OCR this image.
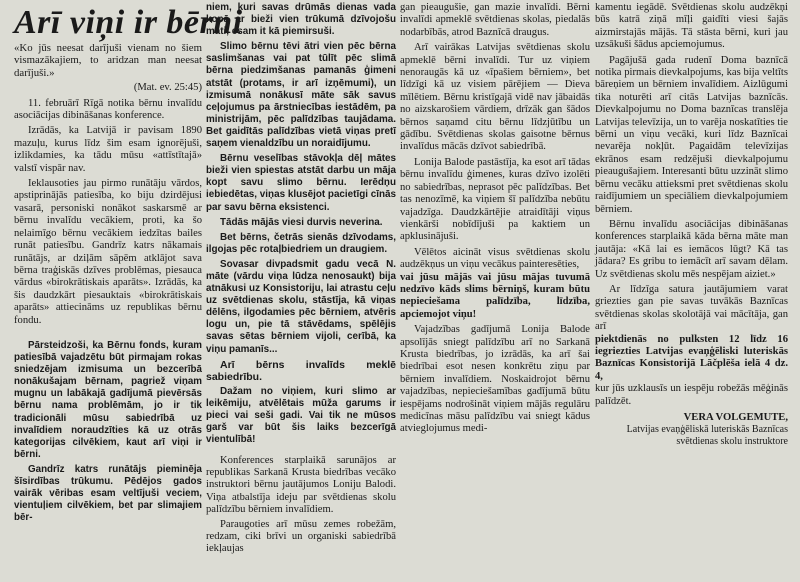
Arī viņi ir bērni

«Ko jūs neesat darījuši vienam no šiem vismazākajiem, to aridzan man neesat darījuši.»

(Mat. ev. 25:45)

11. februārī Rīgā notika bērnu invalīdu asociācijas dibināšanas konference.

Izrādās, ka Latvijā ir pavisam 1890 mazuļu, kurus līdz šim esam ignorējuši, izlikdamies, ka tādu mūsu «attīstītajā» valstī vispār nav.

Ieklausoties jau pirmo runātāju vārdos, apstiprinājās patiesība, ko biju dzirdējusi vasarā, personiski nonākot saskarsmē ar bērnu invalīdu vecākiem, proti, ka šo nelaimīgo bērnu vecākiem iedzītas bailes runāt patiesību. Gandrīz katrs nākamais runātājs, ar dziļām sāpēm atklājot sava bērna traģiskās dzīves problēmas, piesauca vārdus «birokrātiskais aparāts». Izrādās, ka šis daudzkārt piesauktais «birokrātiskais aparāts» attiecināms uz republikas bērnu fondu.

Pārsteidzoši, ka Bērnu fonds, kuram patiesībā vajadzētu būt pirmajam rokas sniedzējam izmisuma un bezcerībā nonākušajam bērnam, pagriež viņam mugnu un labākajā gadījumā pievērsās bērnu nama problēmām, jo ir tik tradicionāli mūsu sabiedrībā uz invalīdiem noraudzīties kā uz otrās kategorijas cilvēkiem, kaut arī viņi ir bērni.

Gandrīz katrs runātājs pieminēja šīsirdības trūkumu. Pēdējos gados vairāk vēribas esam veltījuši veciem, vientuļiem cilvēkiem, bet par slimajiem bēr-

niem, kuri savas drūmās dienas vada kopā ar bieži vien trūkumā dzīvojošu māti, esam it kā piemirsuši.

Slimo bērnu tēvi ātri vien pēc bērna saslimšanas vai pat tūlīt pēc slimā bērna piedzimšanas pamanās ģimeni atstāt (protams, ir arī izņēmumi), un izmisumā nonākusī māte sāk savus ceļojumus pa ārstniecības iestādēm, pa ministrijām, pēc palīdzības taujādama. Bet gaidītās palīdzības vietā viņas pretī saņem vienaldzību un noraidījumu.

Bērnu veselības stāvokļa dēļ mātes bieži vien spiestas atstāt darbu un māja kopt savu slimo bērnu. Ierēdņu iebiedētas, viņas klusējot pacietīgi cīnās par savu bērna eksistenci.

Tādās mājās viesi durvis neverina.

Bet bērns, četrās sienās dzīvodams, ilgojas pēc rotaļbiedriem un draugiem.

Sovasar divpadsmit gadu vecā N. māte (vārdu viņa lūdza nenosaukt) bija atnākusi uz Konsistoriju, lai atrastu ceļu uz svētdienas skolu, stāstīja, kā viņas dēlēns, ilgodamies pēc bērniem, atvēris logu un, pie tā stāvēdams, spēlējis savas sētas bērniem vijoli, cerībā, ka viņu pamanīs...

Arī bērns invalīds meklē sabiedrību.

Dažam no viņiem, kuri slimo ar leikēmiju, atvēlētais mūža garums ir pieci vai seši gadi. Vai tik ne mūsos garš var būt šis laiks bezcerīgā vientulībā!

Konferences starplaikā sarunājos ar republikas Sarkanā Krusta biedrības vecāko instruktori bērnu jautājumos Loniju Balodi. Viņa atbalstīja ideju par svētdienas skolu palīdzību bērniem invalīdiem.

Paraugoties arī mūsu zemes robežām, redzam, ciki brīvi un organiski sabiedrībā iekļaujas

gan pieaugušie, gan mazie invalīdi. Bērni invalīdi apmeklē svētdienas skolas, piedalās nodarbībās, atrod Baznīcā draugus.

Arī vairākas Latvijas svētdienas skolu apmeklē bērni invalīdi. Tur uz viņiem nenoraugās kā uz «īpašiem bērniem», bet līdzīgi kā uz visiem pārējiem — Dieva mīlētiem. Bērnu kristīgajā vidē nav jābaidās no aizskarošiem vārdiem, drīzāk gan šādos bērnos saņamd citu bērnu līdzjūtību un gādību. Svētdienas skolas gaisotne bērnus invalīdus mācās dzīvot sabiedrībā.

Lonija Balode pastāstīja, ka esot arī tādas bērnu invalīdu ģimenes, kuras dzīvo izolēti no sabiedrības, neprasot pēc palīdzības. Bet tas nenozīmē, ka viņiem šī palīdzība nebūtu vajadzīga. Daudzkārtējie atraidītāji viņus vienkārši nobīdījuši pa kaktiem un apklusinājuši.

Vēlētos aicināt visus svētdienas skolu audzēkņus un viņu vecākus painteresēties,

vai jūsu mājās vai jūsu mājas tuvumā nedzīvo kāds slims bērniņš, kuram būtu nepieciešama palīdzība, līdzība, apciemojot viņu!

Vajadzības gadījumā Lonija Balode apsolījās sniegt palīdzību arī no Sarkanā Krusta biedrības, jo izrādās, ka arī šai biedrībai esot nesen konkrētu ziņu par bērniem invalīdiem. Noskaidrojot bērnu vajadzības, nepieciešamības gadījumā būtu iespējams nodrošināt viņiem mājās regulāru medicīnas māsu palīdzību vai sniegt kādus atvieglojumus medi-

kamentu iegādē. Svētdienas skolu audzēkņi būs katrā ziņā mīļi gaidīti viesi šajās aizmirstajās mājās. Tā stāsta bērni, kuri jau uzsākuši šādus apciemojumus.

Pagājušā gada rudenī Doma baznīcā notika pirmais dievkalpojums, kas bija veltīts bāreņiem un bērniem invalīdiem. Aizlūgumi tika noturēti arī citās Latvijas baznīcās. Dievkalpojumu no Doma baznīcas translēja Latvijas televīzija, un to varēja noskatīties tie bērni un viņu vecāki, kuri līdz Baznīcai nevarēja nokļūt. Pagaidām televīzijas ekrānos esam redzējuši dievkalpojumu pieaugušajiem. Interesanti būtu uzzināt slimo bērnu vecāku attieksmi pret svētdienas skolu raidījumiem un speciāliem dievkalpojumiem bērniem.

Bērnu invalīdu asociācijas dibināšanas konferences starplaikā kāda bērna māte man jautāja: «Kā lai es iemācos lūgt? Kā tas jādara? Es gribu to iemācīt arī savam dēlam. Uz svētdienas skolu mēs nespējam aiziet.»

Ar līdzīga satura jautājumiem varat griezties gan pie savas tuvākās Baznīcas svētdienas skolas skolotājā vai mācītāja, gan arī

piektdienās no pulksten 12 līdz 16 iegriezties Latvijas evaņģēliski luteriskās Baznīcas Konsistorijā Lāčplēša ielā 4 dz. 4,

kur jūs uzklausīs un iespēju robežās mēģinās palīdzēt.

VERA VOLGEMUTE,
Latvijas evaņģēliskā luteriskās Baznīcas svētdienas skolu instruktore
